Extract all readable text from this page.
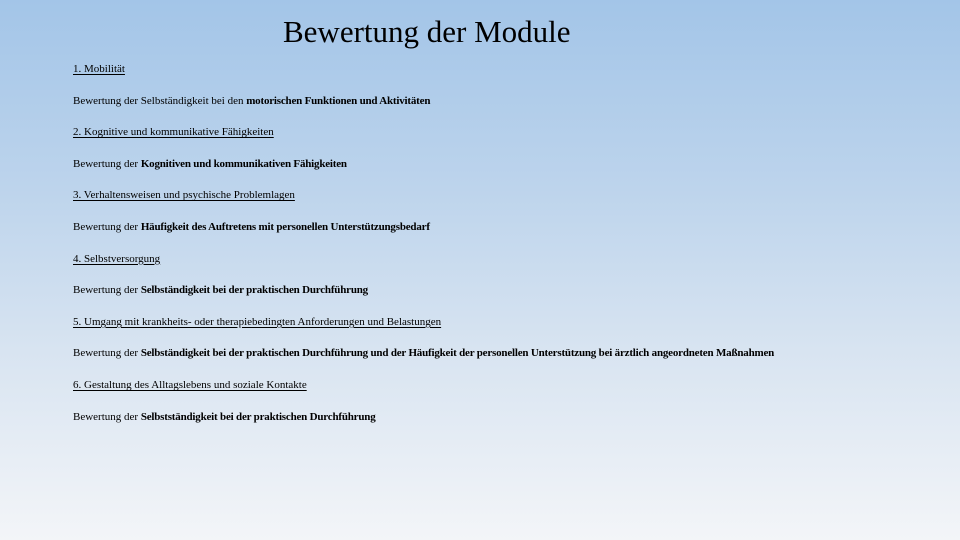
Bewertung der Module
1. Mobilität
Bewertung der Selbständigkeit bei den motorischen Funktionen und Aktivitäten
2. Kognitive und kommunikative Fähigkeiten
Bewertung der Kognitiven und kommunikativen Fähigkeiten
3. Verhaltensweisen und psychische Problemlagen
Bewertung der Häufigkeit des Auftretens mit personellen Unterstützungsbedarf
4. Selbstversorgung
Bewertung der Selbständigkeit bei der praktischen Durchführung
5. Umgang mit krankheits- oder therapiebedingten Anforderungen und Belastungen
Bewertung der Selbständigkeit bei der praktischen Durchführung und der Häufigkeit der personellen Unterstützung bei ärztlich angeordneten Maßnahmen
6. Gestaltung des Alltagslebens und soziale Kontakte
Bewertung der Selbstständigkeit bei der praktischen Durchführung
